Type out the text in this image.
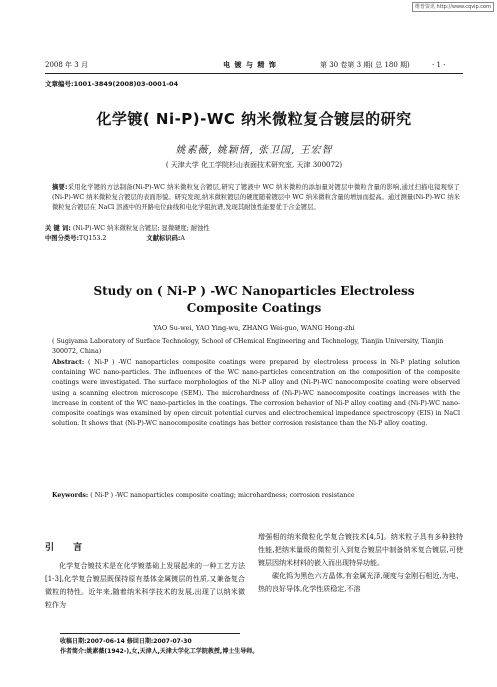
维普资讯 http://www.cqvip.com
2008 年 3 月	电 镀 与 精 饰	第 30 卷第 3 期( 总 180 期)	· 1 ·
文章编号:1001-3849(2008)03-0001-04
化学镀( Ni-P)-WC 纳米微粒复合镀层的研究
姚素薇, 姚颖悟, 张卫国, 王宏智
( 天津大学 化工学院杉山表面技术研究室, 天津 300072)
摘要:采用化学镀的方法制备(Ni-P)-WC 纳米微粒复合镀层,研究了镀液中 WC 纳米微粒的添加量对镀层中微粒含量的影响,通过扫描电镜观察了(Ni-P)-WC 纳米微粒复合镀层的表面形貌。研究发现,纳米微粒镀层的硬度随着镀层中 WC 纳米微粒含量的增加而提高。通过测量(Ni-P)-WC 纳米微粒复合镀层在 NaCl 溶液中的开路电位曲线和电化学阻抗谱,发现其耐蚀性能要优于合金镀层。
关 键 词: (Ni-P)-WC 纳米微粒复合镀层; 显微硬度; 耐蚀性
中图分类号:TQ153.2	文献标识码:A
Study on ( Ni-P ) -WC Nanoparticles Electroless
Composite Coatings
YAO Su-wei, YAO Ying-wu, ZHANG Wei-guo, WANG Hong-zhi
( Sugiyama Laboratory of Surface Technology, School of CHemical Engineering and Technology, Tianjin University, Tianjin 300072, China)
Abstract: ( Ni-P ) -WC nanoparticles composite coatings were prepared by electroless process in Ni-P plating solution containing WC nano-particles. The influences of the WC nano-particles concentration on the composition of the composite coatings were investigated. The surface morphologies of the Ni-P alloy and (Ni-P)-WC nanocomposite coating were observed using a scanning electron microscope (SEM). The microhardness of (Ni-P)-WC nanocomposite coatings increases with the increase in content of the WC nano-particles in the coatings. The corrosion behavior of Ni-P alloy coating and (Ni-P)-WC nano-composite coatings was examined by open circuit potential curves and electrochemical impedance spectroscopy (EIS) in NaCl solution. It shows that (Ni-P)-WC nanocomposite coatings has better corrosion resistance than the Ni-P alloy coating.
Keywords: ( Ni-P ) -WC nanoparticles composite coating; microhardness; corrosion resistance
引 言
化学复合镀技术是在化学镀基础上发展起来的一种工艺方法[1-3],化学复合镀层既保持原有基体金属镀层的性质,又兼备复合微粒的特性。近年来,随着纳米科学技术的发展,出现了以纳米微粒作为
增强相的纳米微粒化学复合镀技术[4,5]。纳米粒子具有多种独特性能,把纳米量级的微粒引入到复合镀层中制备纳米复合镀层,可使镀层因纳米材料的嵌入而出现特异功能。
碳化钨为黑色六方晶体,有金属光泽,硬度与金刚石相近,为电、热的良好导体,化学性质稳定,不溶
收稿日期:2007-06-14 修回日期:2007-07-30
作者简介:姚素薇(1942-),女,天津人,天津大学化工学院教授,博士生导师。
